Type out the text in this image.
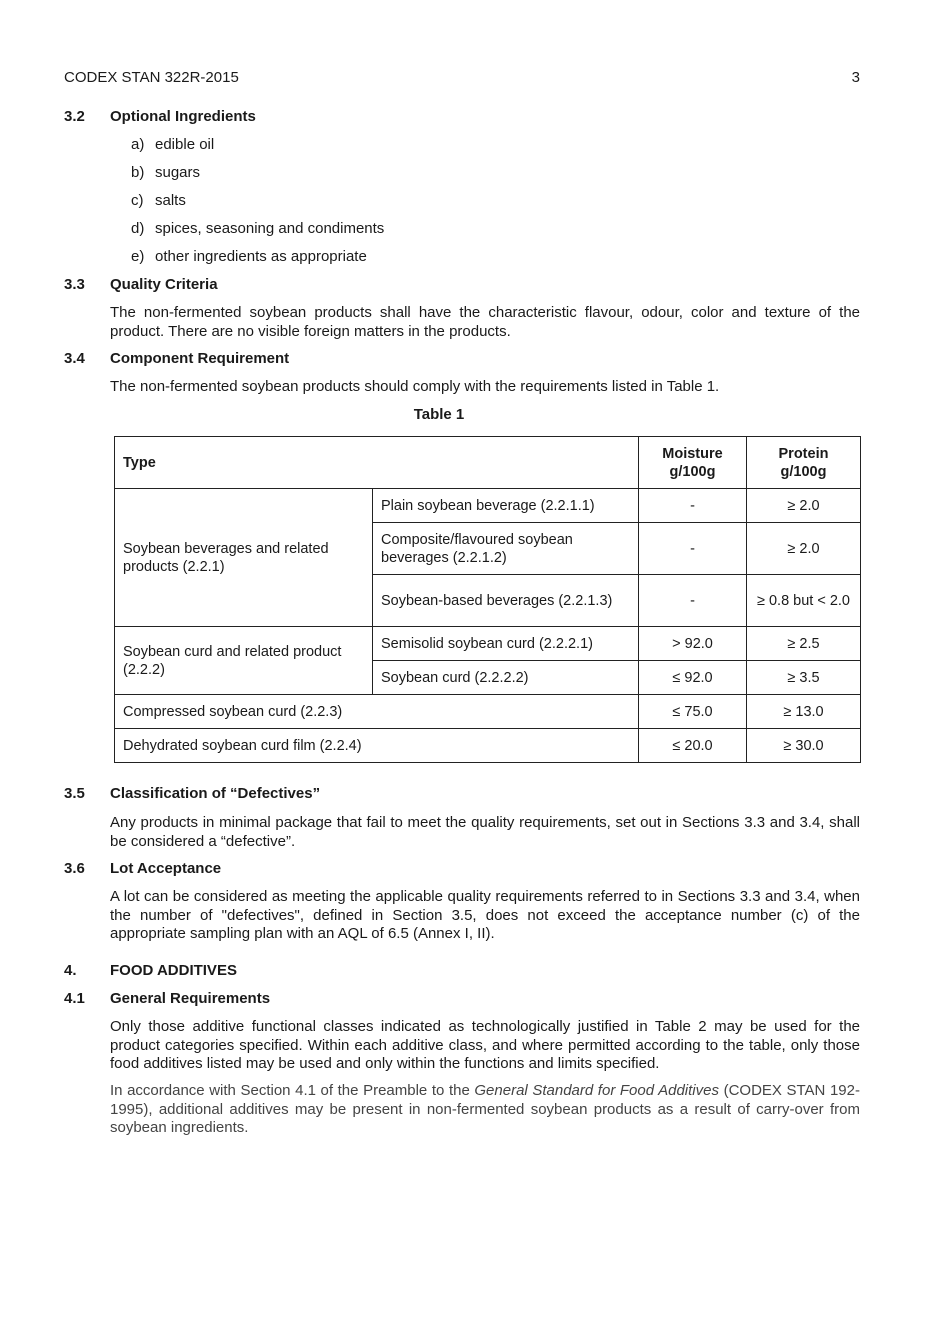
CODEX STAN 322R-2015	3
3.2 Optional Ingredients
a) edible oil
b) sugars
c) salts
d) spices, seasoning and condiments
e) other ingredients as appropriate
3.3 Quality Criteria
The non-fermented soybean products shall have the characteristic flavour, odour, color and texture of the product. There are no visible foreign matters in the products.
3.4 Component Requirement
The non-fermented soybean products should comply with the requirements listed in Table 1.
Table 1
Type		Moisture g/100g	Protein g/100g
Soybean beverages and related products (2.2.1)	Plain soybean beverage (2.2.1.1)	-	≥ 2.0
	Composite/flavoured soybean beverages (2.2.1.2)	-	≥ 2.0
	Soybean-based beverages (2.2.1.3)	-	≥ 0.8 but < 2.0
Soybean curd and related product (2.2.2)	Semisolid soybean curd (2.2.2.1)	> 92.0	≥ 2.5
	Soybean curd (2.2.2.2)	≤ 92.0	≥ 3.5
Compressed soybean curd (2.2.3)		≤ 75.0	≥ 13.0
Dehydrated soybean curd film (2.2.4)		≤ 20.0	≥ 30.0
3.5 Classification of “Defectives”
Any products in minimal package that fail to meet the quality requirements, set out in Sections 3.3 and 3.4, shall be considered a “defective”.
3.6 Lot Acceptance
A lot can be considered as meeting the applicable quality requirements referred to in Sections 3.3 and 3.4, when the number of "defectives", defined in Section 3.5, does not exceed the acceptance number (c) of the appropriate sampling plan with an AQL of 6.5 (Annex I, II).
4. FOOD ADDITIVES
4.1 General Requirements
Only those additive functional classes indicated as technologically justified in Table 2 may be used for the product categories specified. Within each additive class, and where permitted according to the table, only those food additives listed may be used and only within the functions and limits specified.
In accordance with Section 4.1 of the Preamble to the General Standard for Food Additives (CODEX STAN 192-1995), additional additives may be present in non-fermented soybean products as a result of carry-over from soybean ingredients.
